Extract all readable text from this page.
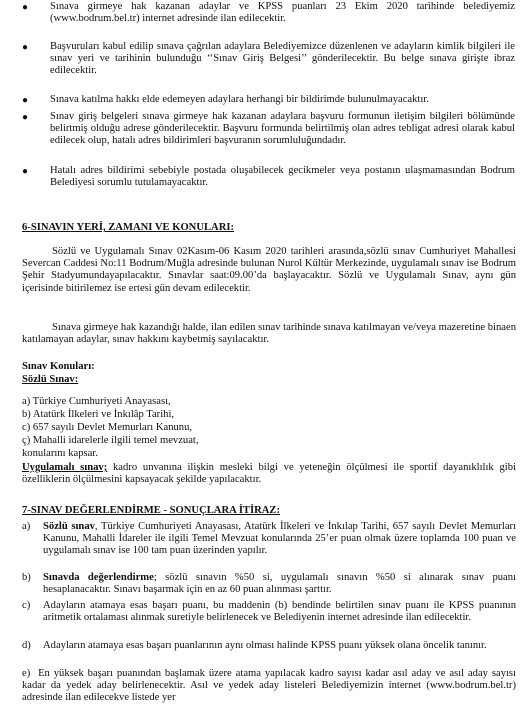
● Sınava girmeye hak kazanan adaylar ve KPSS puanları 23 Ekim 2020 tarihinde belediyemiz (www.bodrum.bel.tr) internet adresinde ilan edilecektir.

● Başvuruları kabul edilip sınava çağrılan adaylara Belediyemizce düzenlenen ve adayların kimlik bilgileri ile sınav yeri ve tarihinin bulunduğu ‘‘Sınav Giriş Belgesi’’ gönderilecektir. Bu belge sınava girişte ibraz edilecektir.

● Sınava katılma hakkı elde edemeyen adaylara herhangi bir bildirimde bulunulmayacaktır.

● Sınav giriş belgeleri sınava girmeye hak kazanan adaylara başvuru formunun iletişim bilgileri bölümünde belirtmiş olduğu adrese gönderilecektir. Başvuru formunda belirtilmiş olan adres tebligat adresi olarak kabul edilecek olup, hatalı adres bildirimleri başvuranın sorumluluğundadır.

● Hatalı adres bildirimi sebebiyle postada oluşabilecek gecikmeler veya postanın ulaşmamasından Bodrum Belediyesi sorumlu tutulamayacaktır.

6-SINAVIN YERİ, ZAMANI VE KONULARI:

Sözlü ve Uygulamalı Sınav 02Kasım-06 Kasım 2020 tarihleri arasında,sözlü sınav Cumhuriyet Mahallesi Severcan Caddesi No:11 Bodrum/Muğla adresinde bulunan Nurol Kültür Merkezinde, uygulamalı sınav ise Bodrum Şehir Stadyumundayapılacaktır. Sınavlar saat:09.00’da başlayacaktır. Sözlü ve Uygulamalı Sınav, aynı gün içerisinde bitirilemez ise ertesi gün devam edilecektir.

Sınava girmeye hak kazandığı halde, ilan edilen sınav tarihinde sınava katılmayan ve/veya mazeretine binaen katılamayan adaylar, sınav hakkını kaybetmiş sayılacaktır.

Sınav Konuları:

Sözlü Sınav:

a) Türkiye Cumhuriyeti Anayasası,

b) Atatürk İlkeleri ve İnkılâp Tarihi,

c) 657 sayılı Devlet Memurları Kanunu,

ç) Mahalli idarelerle ilgili temel mevzuat,

konularını kapsar.

Uygulamalı sınav; kadro unvanına ilişkin mesleki bilgi ve yeteneğin ölçülmesi ile sportif dayanıklılık gibi özelliklerin ölçülmesini kapsayacak şekilde yapılacaktır.

7-SINAV DEĞERLENDİRME - SONUÇLARA İTİRAZ:

a) Sözlü sınav, Türkiye Cumhuriyeti Anayasası, Atatürk İlkeleri ve İnkılap Tarihi, 657 sayılı Devlet Memurları Kanunu, Mahalli İdareler ile ilgili Temel Mevzuat konularında 25’er puan olmak üzere toplamda 100 puan ve uygulamalı sınav ise 100 tam puan üzerinden yapılır.

b) Sınavda değerlendirme; sözlü sınavın %50 si, uygulamalı sınavın %50 si alınarak sınav puanı hesaplanacaktır. Sınavı başarmak için en az 60 puan alınması şarttır.

c) Adayların atamaya esas başarı puanı, bu maddenin (b) bendinde belirtilen sınav puanı ile KPSS puanının aritmetik ortalaması alınmak suretiyle belirlenecek ve Belediyenin internet adresinde ilan edilecektir.

d) Adayların atamaya esas başarı puanlarının aynı olması halinde KPSS puanı yüksek olana öncelik tanınır.

e) En yüksek başarı puanından başlamak üzere atama yapılacak kadro sayısı kadar asıl aday ve asıl aday sayısı kadar da yedek aday belirlenecektir. Asıl ve yedek aday listeleri Belediyemizin internet (www.bodrum.bel.tr) adresinde ilan edilecekve listede yer
